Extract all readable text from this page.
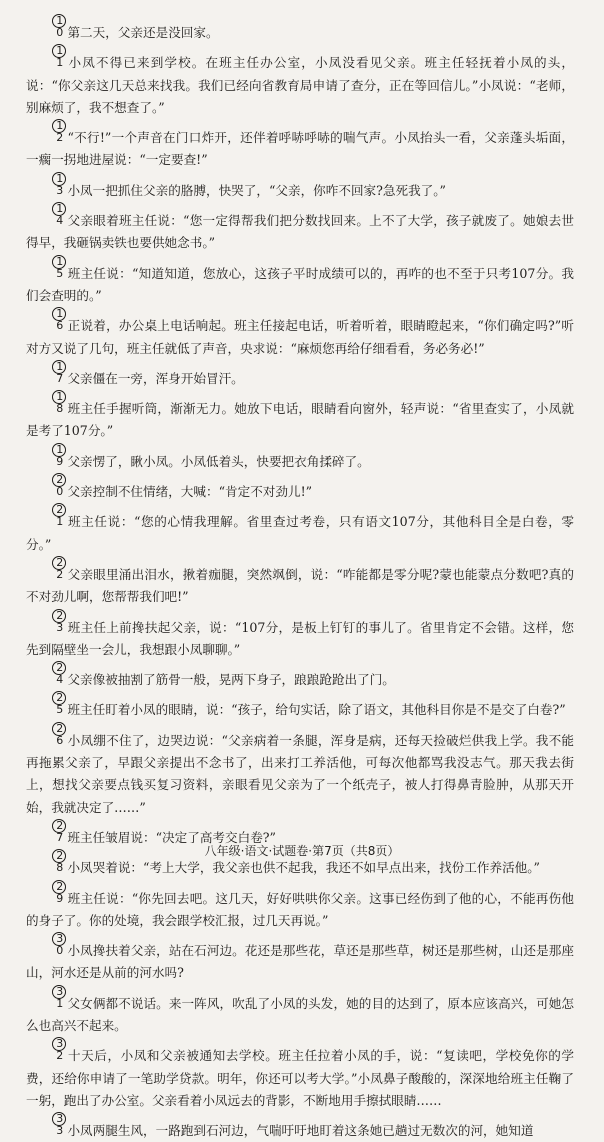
10 第二天，父亲还是没回家。

11 小凤不得已来到学校。在班主任办公室，小凤没看见父亲。班主任轻抚着小凤的头，说：“你父亲这几天总来找我。我们已经向省教育局申请了查分，正在等回信儿。”小凤说：“老师，别麻烦了，我不想查了。”

12 “不行!”一个声音在门口炸开，还伴着呼哧呼哧的喘气声。小凤抬头一看，父亲蓬头垢面，一瘸一拐地进屋说：“一定要查!”

13 小凤一把抓住父亲的胳膊，快哭了，“父亲，你咋不回家?急死我了。”

14 父亲眼着班主任说：“您一定得帮我们把分数找回来。上不了大学，孩子就废了。她娘去世得早，我砸锅卖铁也要供她念书。”

15 班主任说：“知道知道，您放心，这孩子平时成绩可以的，再咋的也不至于只考107分。我们会查明的。”

16 正说着，办公桌上电话响起。班主任接起电话，听着听着，眼睛瞪起来，“你们确定吗?”听对方又说了几句，班主任就低了声音，央求说：“麻烦您再给仔细看看，务必务必!”

17 父亲僵在一旁，浑身开始冒汗。

18 班主任手握听筒，渐渐无力。她放下电话，眼睛看向窗外，轻声说：“省里查实了，小凤就是考了107分。”

19 父亲愣了，瞅小凤。小凤低着头，快要把衣角揉碎了。

20 父亲控制不住情绪，大喊：“肯定不对劲儿!”

21 班主任说：“您的心情我理解。省里查过考卷，只有语文107分，其他科目全是白卷，零分。”

22 父亲眼里涌出泪水，揪着痂腿，突然飒倒，说：“咋能都是零分呢?蒙也能蒙点分数吧?真的不对劲儿啊，您帮帮我们吧!”

23 班主任上前搀扶起父亲，说：“107分，是板上钉钉的事儿了。省里肯定不会错。这样，您先到隔壁坐一会儿，我想跟小凤聊聊。”

24 父亲像被抽割了筋骨一般，晃两下身子，踉踉跄跄出了门。

25 班主任盯着小凤的眼睛，说：“孩子，给句实话，除了语文，其他科目你是不是交了白卷?”

26 小凤绷不住了，边哭边说：“父亲病着一条腿，浑身是病，还每天捡破烂供我上学。我不能再拖累父亲了，早跟父亲提出不念书了，出来打工养活他，可每次他都骂我没志气。那天我去街上，想找父亲要点钱买复习资料，亲眼看见父亲为了一个纸壳子，被人打得鼻青脸肿，从那天开始，我就决定了……”

27 班主任皱眉说：“决定了高考交白卷?”

28 小凤哭着说：“考上大学，我父亲也供不起我，我还不如早点出来，找份工作养活他。”

29 班主任说：“你先回去吧。这几天，好好哄哄你父亲。这事已经伤到了他的心，不能再伤他的身子了。你的处境，我会跟学校汇报，过几天再说。”

30 小凤搀扶着父亲，站在石河边。花还是那些花，草还是那些草，树还是那些树，山还是那座山，河水还是从前的河水吗?

31 父女俩都不说话。来一阵风，吹乱了小凤的头发，她的目的达到了，原本应该高兴，可她怎么也高兴不起来。

32 十天后，小凤和父亲被通知去学校。班主任拉着小凤的手，说：“复读吧，学校免你的学费，还给你申请了一笔助学贷款。明年，你还可以考大学。”小凤鼻子酸酸的，深深地给班主任鞠了一躬，跑出了办公室。父亲看着小凤远去的背影，不断地用手擦拭眼睛……

33 小凤两腿生风，一路跑到石河边，气喘吁吁地盯着这条她已趟过无数次的河，她知道

八年级·语文·试题卷·第7页（共8页）
